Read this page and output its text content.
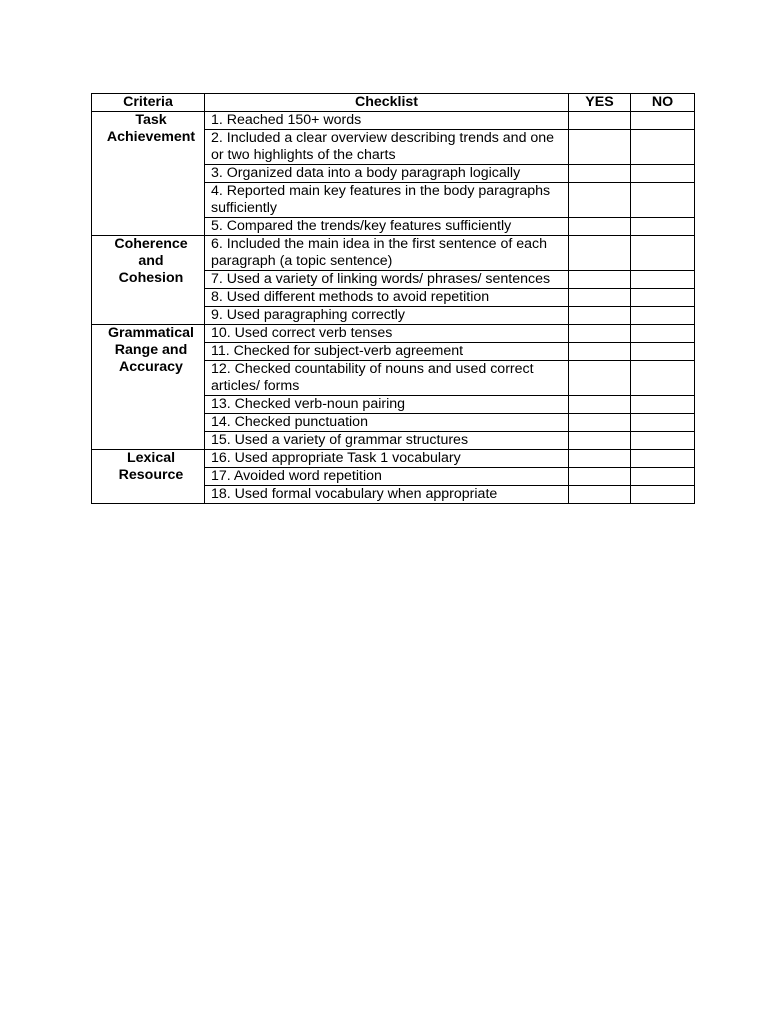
Criteria	Checklist	YES	NO

Task
Achievement	1. Reached 150+ words		
	2. Included a clear overview describing trends and one or two highlights of the charts		
	3. Organized data into a body paragraph logically		
	4. Reported main key features in the body paragraphs sufficiently		
	5. Compared the trends/key features sufficiently		

Coherence
and
Cohesion	6. Included the main idea in the first sentence of each paragraph (a topic sentence)		
	7. Used a variety of linking words/ phrases/ sentences		
	8. Used different methods to avoid repetition		
	9. Used paragraphing correctly		

Grammatical
Range and
Accuracy	10. Used correct verb tenses		
	11. Checked for subject-verb agreement		
	12. Checked countability of nouns and used correct articles/ forms		
	13. Checked verb-noun pairing		
	14. Checked punctuation		
	15. Used a variety of grammar structures		

Lexical
Resource	16. Used appropriate Task 1 vocabulary		
	17. Avoided word repetition		
	18. Used formal vocabulary when appropriate		
